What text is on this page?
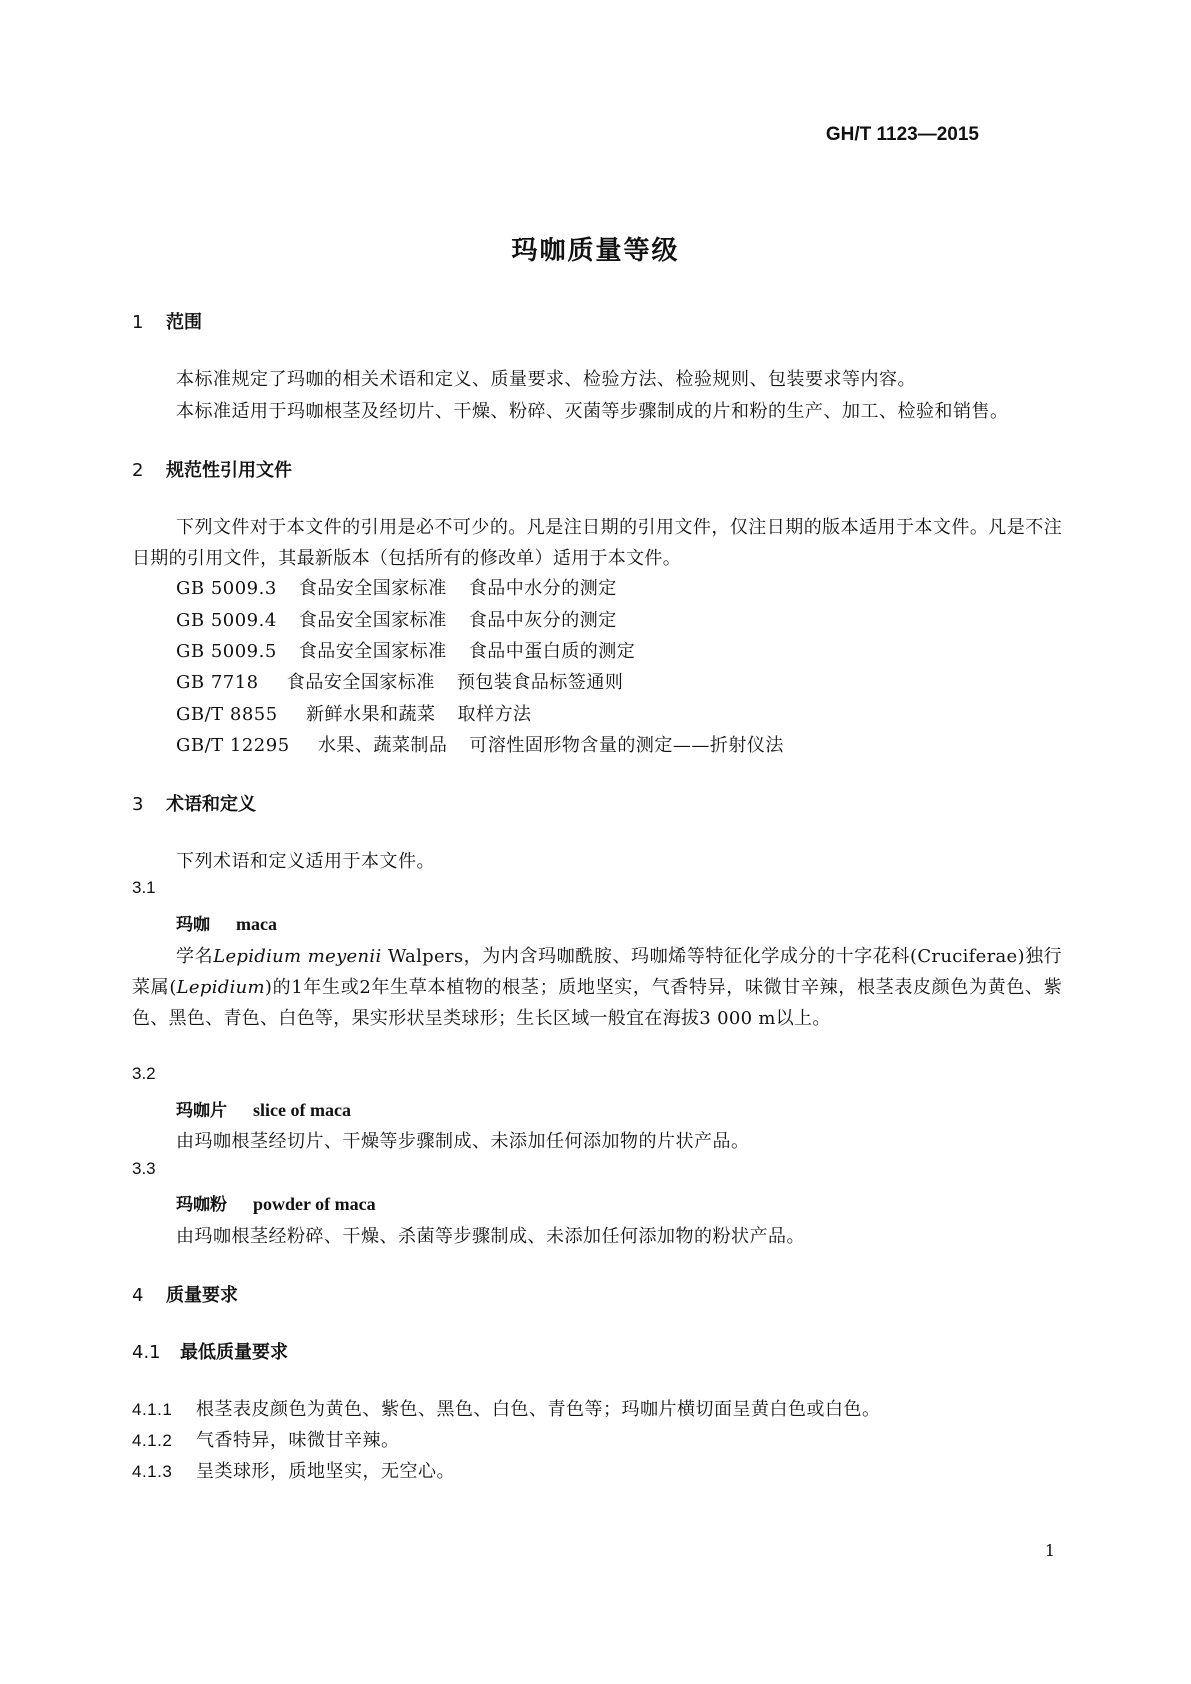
GH/T 1123—2015
玛咖质量等级
1 范围
本标准规定了玛咖的相关术语和定义、质量要求、检验方法、检验规则、包装要求等内容。
本标准适用于玛咖根茎及经切片、干燥、粉碎、灭菌等步骤制成的片和粉的生产、加工、检验和销售。
2 规范性引用文件
下列文件对于本文件的引用是必不可少的。凡是注日期的引用文件，仅注日期的版本适用于本文件。凡是不注日期的引用文件，其最新版本（包括所有的修改单）适用于本文件。
GB 5009.3 食品安全国家标准 食品中水分的测定
GB 5009.4 食品安全国家标准 食品中灰分的测定
GB 5009.5 食品安全国家标准 食品中蛋白质的测定
GB 7718 食品安全国家标准 预包装食品标签通则
GB/T 8855 新鲜水果和蔬菜 取样方法
GB/T 12295 水果、蔬菜制品 可溶性固形物含量的测定——折射仪法
3 术语和定义
下列术语和定义适用于本文件。
3.1
玛咖 maca
学名Lepidium meyenii Walpers，为内含玛咖酰胺、玛咖烯等特征化学成分的十字花科(Cruciferae)独行菜属(Lepidium)的1年生或2年生草本植物的根茎；质地坚实，气香特异，味微甘辛辣，根茎表皮颜色为黄色、紫色、黑色、青色、白色等，果实形状呈类球形；生长区域一般宜在海拔3 000 m以上。
3.2
玛咖片 slice of maca
由玛咖根茎经切片、干燥等步骤制成、未添加任何添加物的片状产品。
3.3
玛咖粉 powder of maca
由玛咖根茎经粉碎、干燥、杀菌等步骤制成、未添加任何添加物的粉状产品。
4 质量要求
4.1 最低质量要求
4.1.1 根茎表皮颜色为黄色、紫色、黑色、白色、青色等；玛咖片横切面呈黄白色或白色。
4.1.2 气香特异，味微甘辛辣。
4.1.3 呈类球形，质地坚实，无空心。
1
